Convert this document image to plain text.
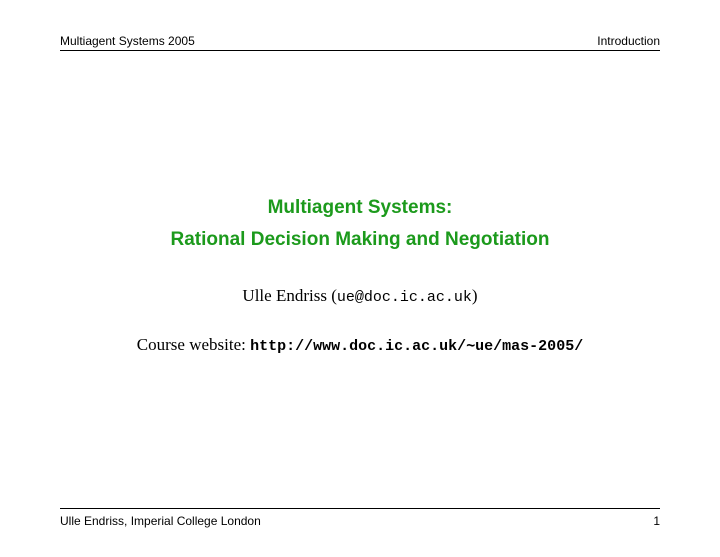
Multiagent Systems 2005	Introduction
Multiagent Systems:
Rational Decision Making and Negotiation
Ulle Endriss (ue@doc.ic.ac.uk)
Course website: http://www.doc.ic.ac.uk/∼ue/mas-2005/
Ulle Endriss, Imperial College London	1
